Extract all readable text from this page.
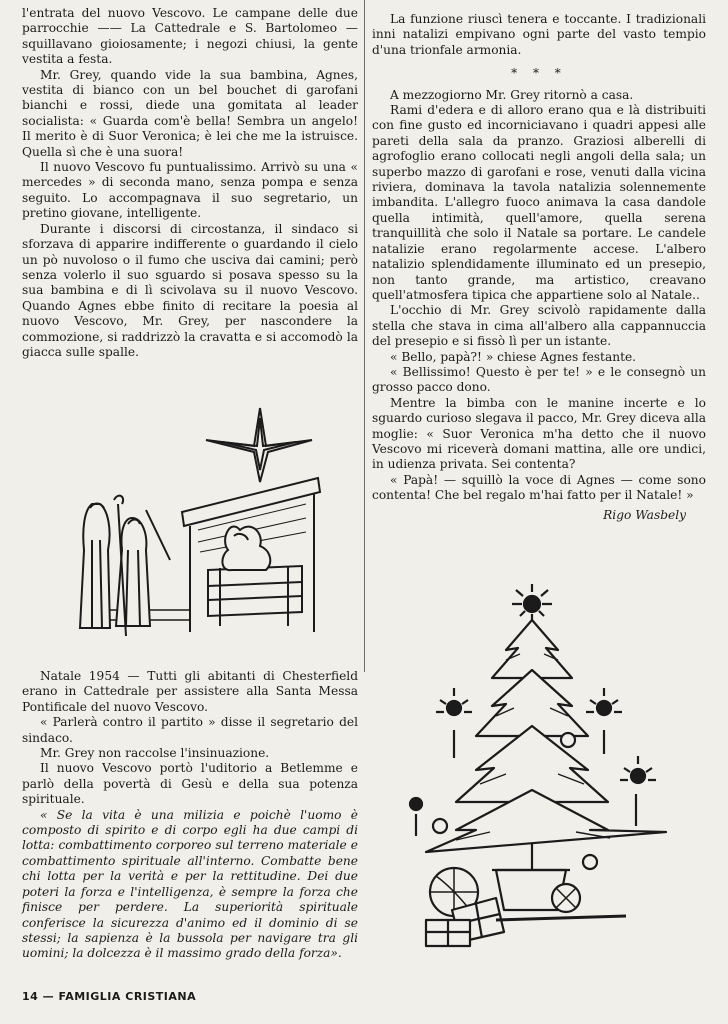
l'entrata del nuovo Vescovo. Le campane delle due parrocchie —— La Cattedrale e S. Bartolomeo — squillavano gioiosamente; i negozi chiusi, la gente vestita a festa.

Mr. Grey, quando vide la sua bambina, Agnes, vestita di bianco con un bel bouchet di garofani bianchi e rossi, diede una gomitata al leader socialista: « Guarda com'è bella! Sembra un angelo! Il merito è di Suor Veronica; è lei che me la istruisce. Quella sì che è una suora!

Il nuovo Vescovo fu puntualissimo. Arrivò su una « mercedes » di seconda mano, senza pompa e senza seguito. Lo accompagnava il suo segretario, un pretino giovane, intelligente.

Durante i discorsi di circostanza, il sindaco si sforzava di apparire indifferente o guardando il cielo un pò nuvoloso o il fumo che usciva dai camini; però senza volerlo il suo sguardo si posava spesso su la sua bambina e di lì scivolava su il nuovo Vescovo. Quando Agnes ebbe finito di recitare la poesia al nuovo Vescovo, Mr. Grey, per nascondere la commozione, si raddrizzò la cravatta e si accomodò la giacca sulle spalle.

Natale 1954 — Tutti gli abitanti di Chesterfield erano in Cattedrale per assistere alla Santa Messa Pontificale del nuovo Vescovo.

« Parlerà contro il partito » disse il segretario del sindaco.

Mr. Grey non raccolse l'insinuazione.

Il nuovo Vescovo portò l'uditorio a Betlemme e parlò della povertà di Gesù e della sua potenza spirituale.

« Se la vita è una milizia e poichè l'uomo è composto di spirito e di corpo egli ha due campi di lotta: combattimento corporeo sul terreno materiale e combattimento spirituale all'interno. Combatte bene chi lotta per la verità e per la rettitudine. Dei due poteri la forza e l'intelligenza, è sempre la forza che finisce per perdere. La superiorità spirituale conferisce la sicurezza d'animo ed il dominio di se stessi; la sapienza è la bussola per navigare tra gli uomini; la dolcezza è il massimo grado della forza».

La funzione riuscì tenera e toccante. I tradizionali inni natalizi empivano ogni parte del vasto tempio d'una trionfale armonia.

* * *

A mezzogiorno Mr. Grey ritornò a casa.

Rami d'edera e di alloro erano qua e là distribuiti con fine gusto ed incorniciavano i quadri appesi alle pareti della sala da pranzo. Graziosi alberelli di agrofoglio erano collocati negli angoli della sala; un superbo mazzo di garofani e rose, venuti dalla vicina riviera, dominava la tavola natalizia solennemente imbandita. L'allegro fuoco animava la casa dandole quella intimità, quell'amore, quella serena tranquillità che solo il Natale sa portare. Le candele natalizie erano regolarmente accese. L'albero natalizio splendidamente illuminato ed un presepio, non tanto grande, ma artistico, creavano quell'atmosfera tipica che appartiene solo al Natale..

L'occhio di Mr. Grey scivolò rapidamente dalla stella che stava in cima all'albero alla cappannuccia del presepio e si fissò lì per un istante.

« Bello, papà?! » chiese Agnes festante.

« Bellissimo! Questo è per te! » e le consegnò un grosso pacco dono.

Mentre la bimba con le manine incerte e lo sguardo curioso slegava il pacco, Mr. Grey diceva alla moglie: « Suor Veronica m'ha detto che il nuovo Vescovo mi riceverà domani mattina, alle ore undici, in udienza privata. Sei contenta?

« Papà! — squillò la voce di Agnes — come sono contenta! Che bel regalo m'hai fatto per il Natale! »

Rigo Wasbely
14 — FAMIGLIA CRISTIANA
